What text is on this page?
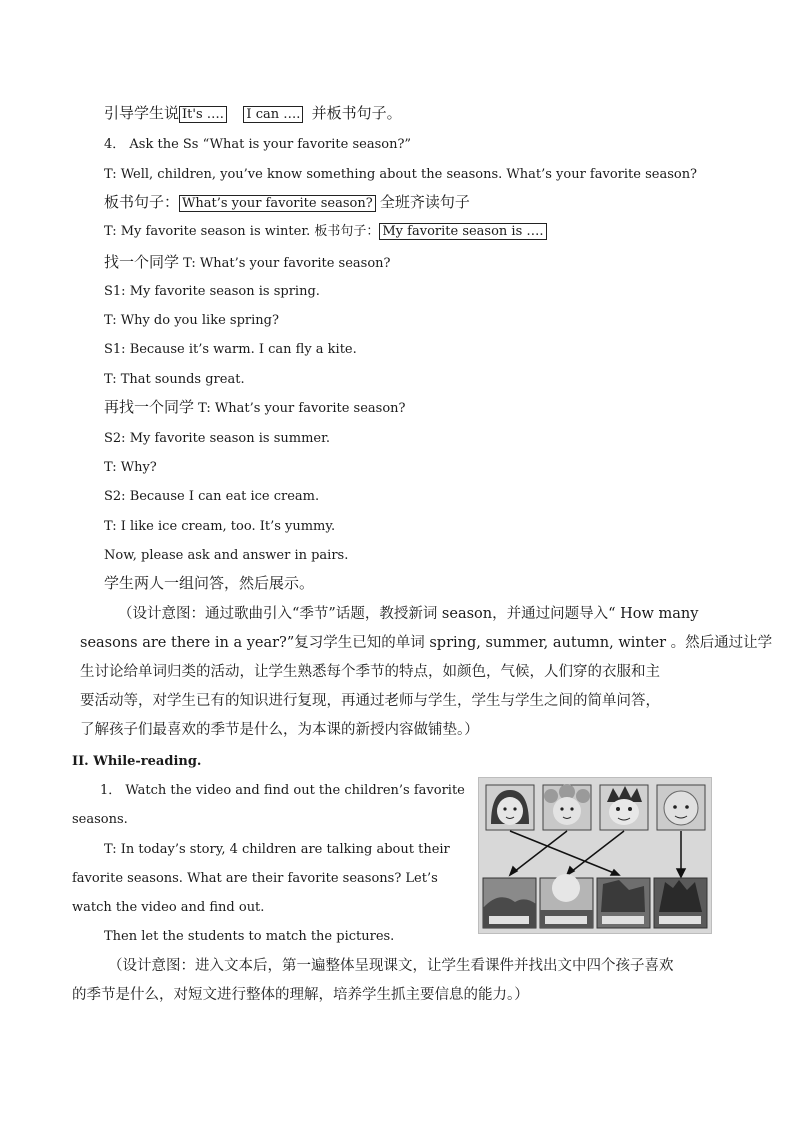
引导学生说 It's …. I can …. 并板书句子。
4． Ask the Ss “What is your favorite season?”
T: Well, children, you’ve know something about the seasons. What’s your favorite season?
板书句子： What’s your favorite season? 全班齐读句子
T: My favorite season is winter. 板书句子： My favorite season is ….
找一个同学 T: What’s your favorite season?
S1: My favorite season is spring.
T: Why do you like spring?
S1: Because it’s warm. I can fly a kite.
T: That sounds great.
再找一个同学 T: What’s your favorite season?
S2: My favorite season is summer.
T: Why?
S2: Because I can eat ice cream.
T: I like ice cream, too. It’s yummy.
Now, please ask and answer in pairs.
学生两人一组问答，然后展示。
（设计意图：通过歌曲引入“季节”话题，教授新词 season，并通过问题导入“ How many
seasons are there in a year?”复习学生已知的单词 spring, summer, autumn, winter 。然后通过让学
生讨论给单词归类的活动，让学生熟悉每个季节的特点，如颜色，气候，人们穿的衣服和主
要活动等，对学生已有的知识进行复现，再通过老师与学生，学生与学生之间的简单问答，
了解孩子们最喜欢的季节是什么，为本课的新授内容做铺垫。）
II. While-reading.
1． Watch the video and find out the children’s favorite
seasons.
T: In today’s story, 4 children are talking about their
favorite seasons. What are their favorite seasons? Let’s
watch the video and find out.
Then let the students to match the pictures.
（设计意图：进入文本后，第一遍整体呈现课文，让学生看课件并找出文中四个孩子喜欢
的季节是什么，对短文进行整体的理解，培养学生抓主要信息的能力。）
